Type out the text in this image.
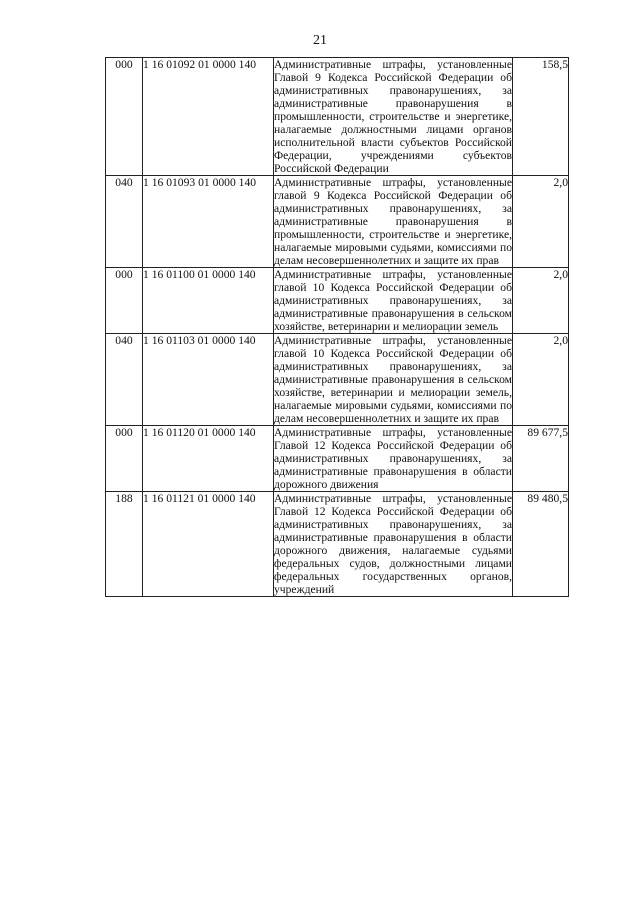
21
000	1 16 01092 01 0000 140	Административные штрафы, установленные Главой 9 Кодекса Российской Федерации об административных правонарушениях, за административные правонарушения в промышленности, строительстве и энергетике, налагаемые должностными лицами органов исполнительной власти субъектов Российской Федерации, учреждениями субъектов Российской Федерации	158,5
040	1 16 01093 01 0000 140	Административные штрафы, установленные главой 9 Кодекса Российской Федерации об административных правонарушениях, за административные правонарушения в промышленности, строительстве и энергетике, налагаемые мировыми судьями, комиссиями по делам несовершеннолетних и защите их прав	2,0
000	1 16 01100 01 0000 140	Административные штрафы, установленные главой 10 Кодекса Российской Федерации об административных правонарушениях, за административные правонарушения в сельском хозяйстве, ветеринарии и мелиорации земель	2,0
040	1 16 01103 01 0000 140	Административные штрафы, установленные главой 10 Кодекса Российской Федерации об административных правонарушениях, за административные правонарушения в сельском хозяйстве, ветеринарии и мелиорации земель, налагаемые мировыми судьями, комиссиями по делам несовершеннолетних и защите их прав	2,0
000	1 16 01120 01 0000 140	Административные штрафы, установленные Главой 12 Кодекса Российской Федерации об административных правонарушениях, за административные правонарушения в области дорожного движения	89 677,5
188	1 16 01121 01 0000 140	Административные штрафы, установленные Главой 12 Кодекса Российской Федерации об административных правонарушениях, за административные правонарушения в области дорожного движения, налагаемые судьями федеральных судов, должностными лицами федеральных государственных органов, учреждений	89 480,5
